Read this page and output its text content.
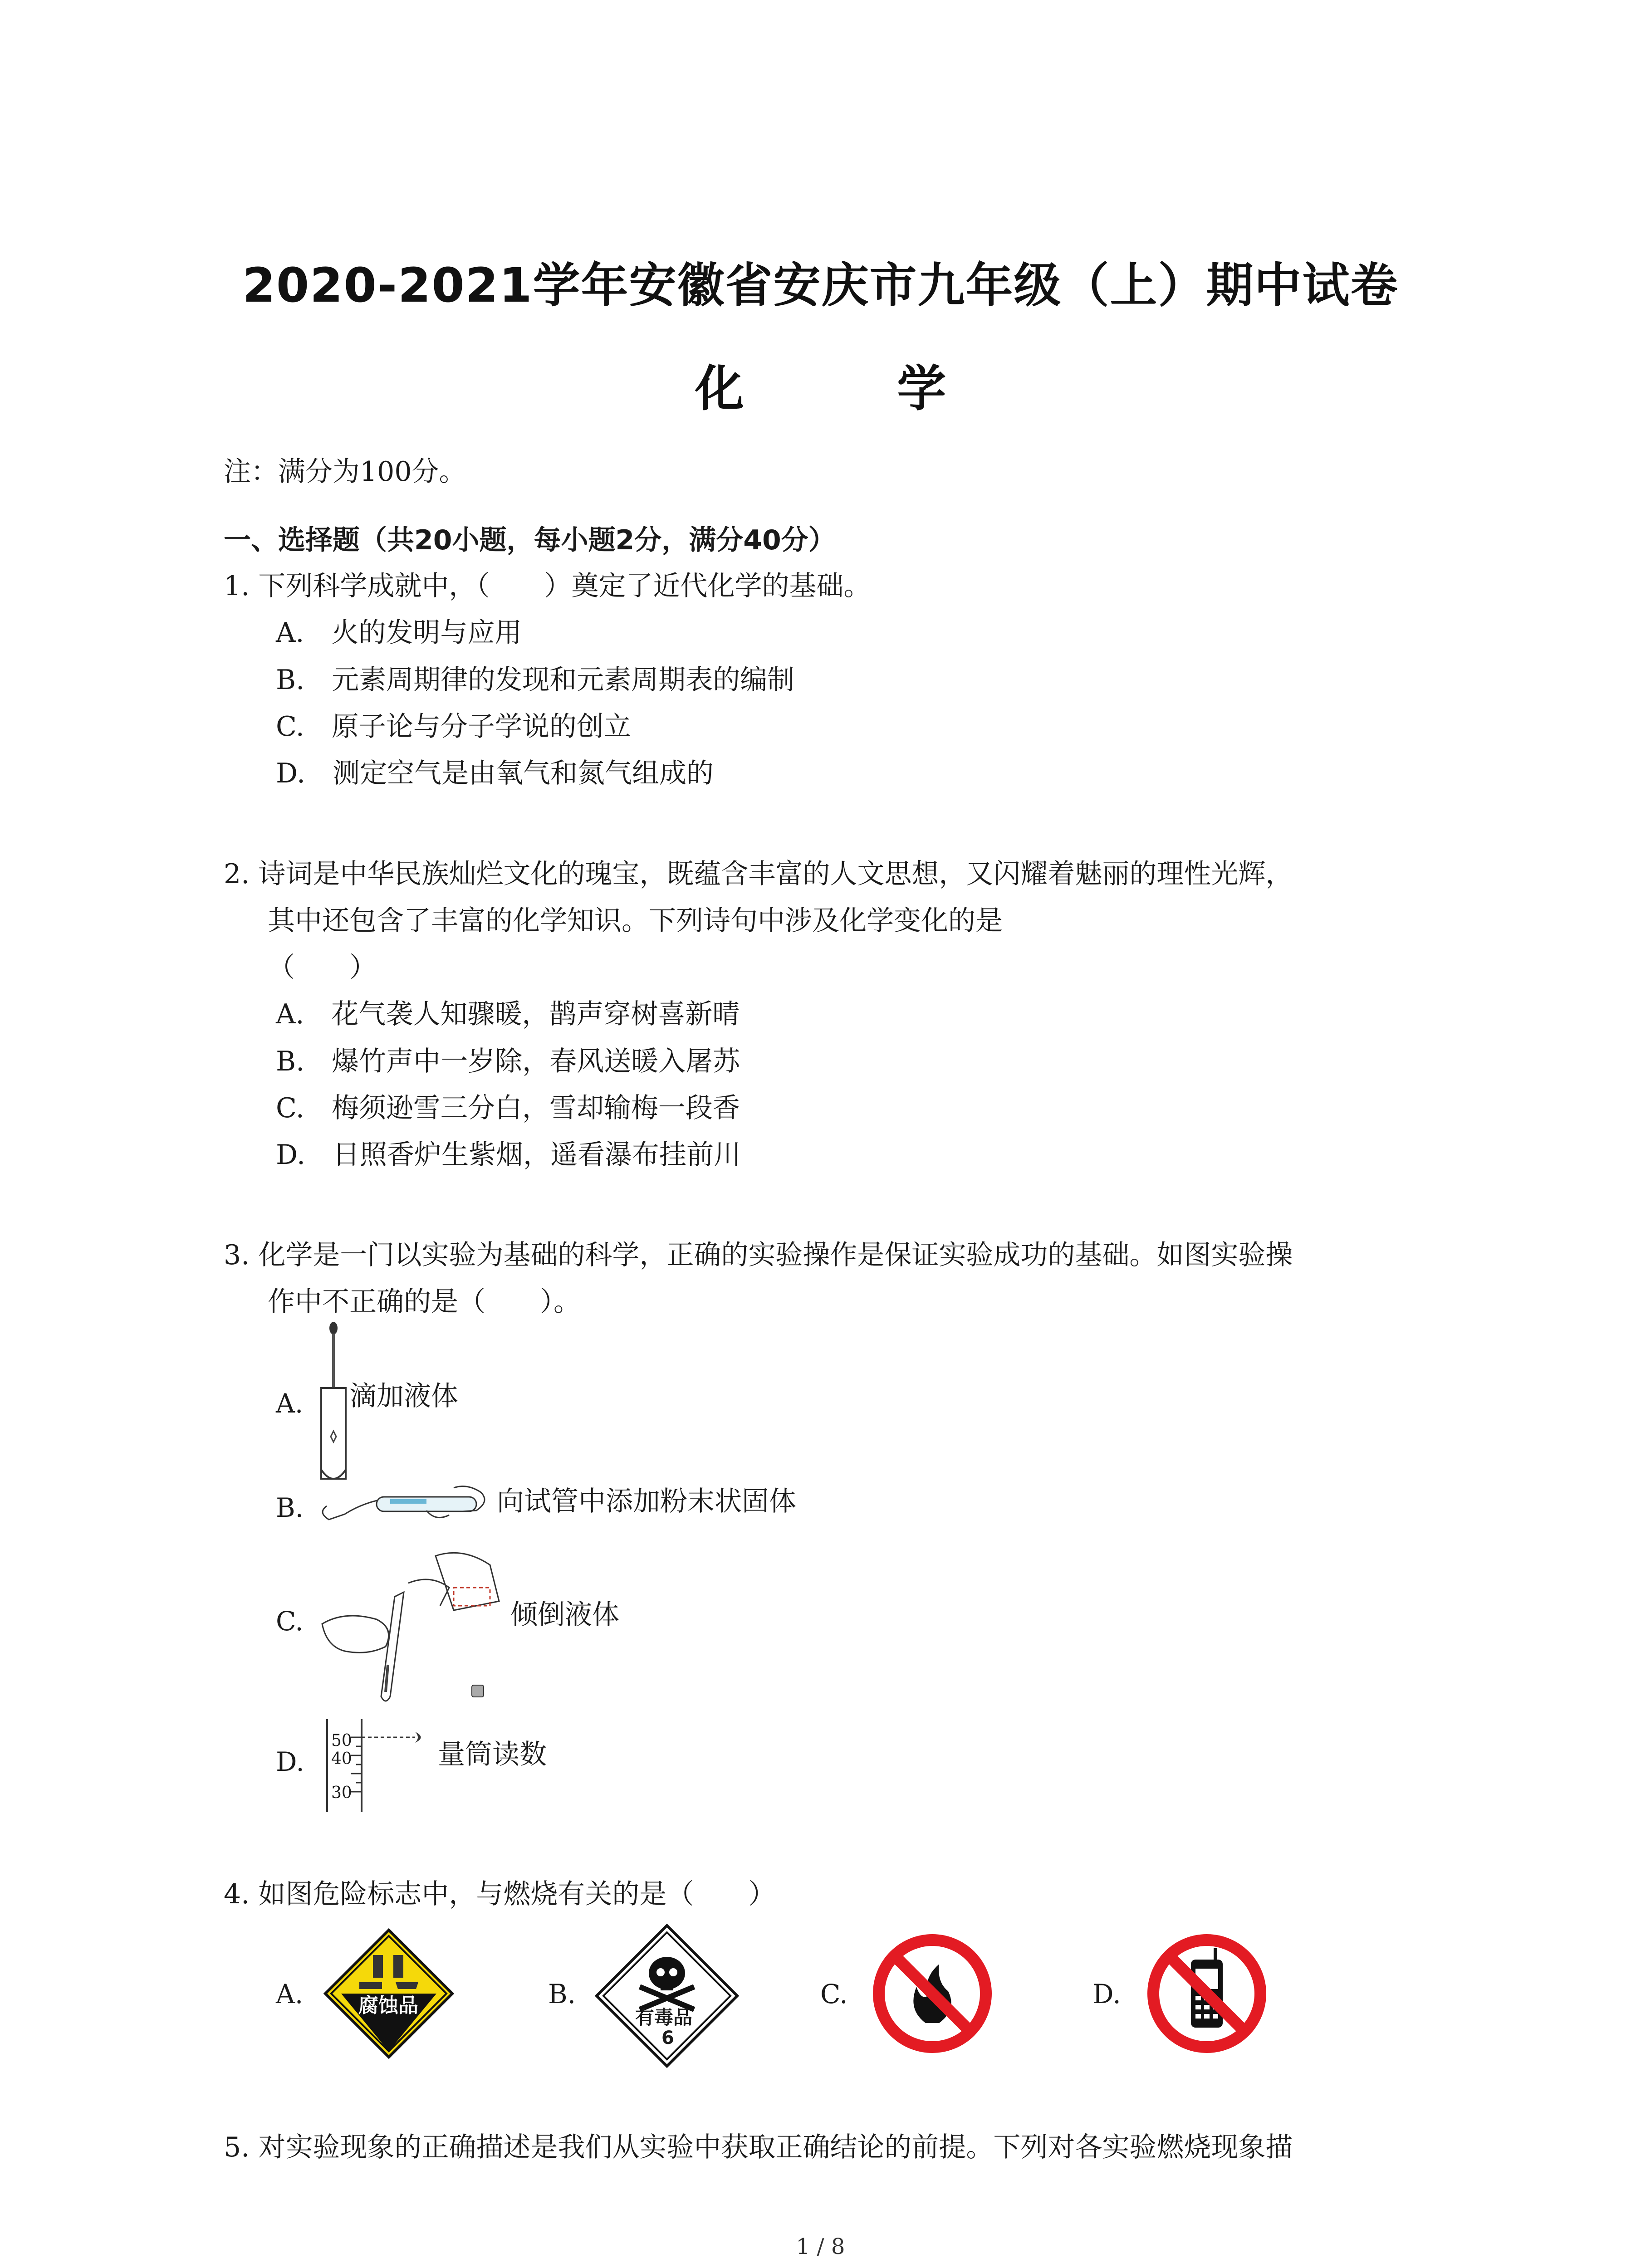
2020-2021学年安徽省安庆市九年级（上）期中试卷
化 学
注：满分为100分。
一、选择题（共20小题，每小题2分，满分40分）
1. 下列科学成就中，（　　）奠定了近代化学的基础。
A.　火的发明与应用
B.　元素周期律的发现和元素周期表的编制
C.　原子论与分子学说的创立
D.　测定空气是由氧气和氮气组成的
2. 诗词是中华民族灿烂文化的瑰宝，既蕴含丰富的人文思想，又闪耀着魅丽的理性光辉，
其中还包含了丰富的化学知识。下列诗句中涉及化学变化的是
（　　）
A.　花气袭人知骤暖，鹊声穿树喜新晴
B.　爆竹声中一岁除，春风送暖入屠苏
C.　梅须逊雪三分白，雪却输梅一段香
D.　日照香炉生紫烟，遥看瀑布挂前川
3. 化学是一门以实验为基础的科学，正确的实验操作是保证实验成功的基础。如图实验操
作中不正确的是（　　）。
A. 滴加液体
B.	向试管中添加粉末状固体
C.	倾倒液体
D.
50
40
30
量筒读数
4. 如图危险标志中，与燃烧有关的是（　　）
A.	腐蚀品	B.
有毒品
6
C.	D.
5. 对实验现象的正确描述是我们从实验中获取正确结论的前提。下列对各实验燃烧现象描
1 / 8
